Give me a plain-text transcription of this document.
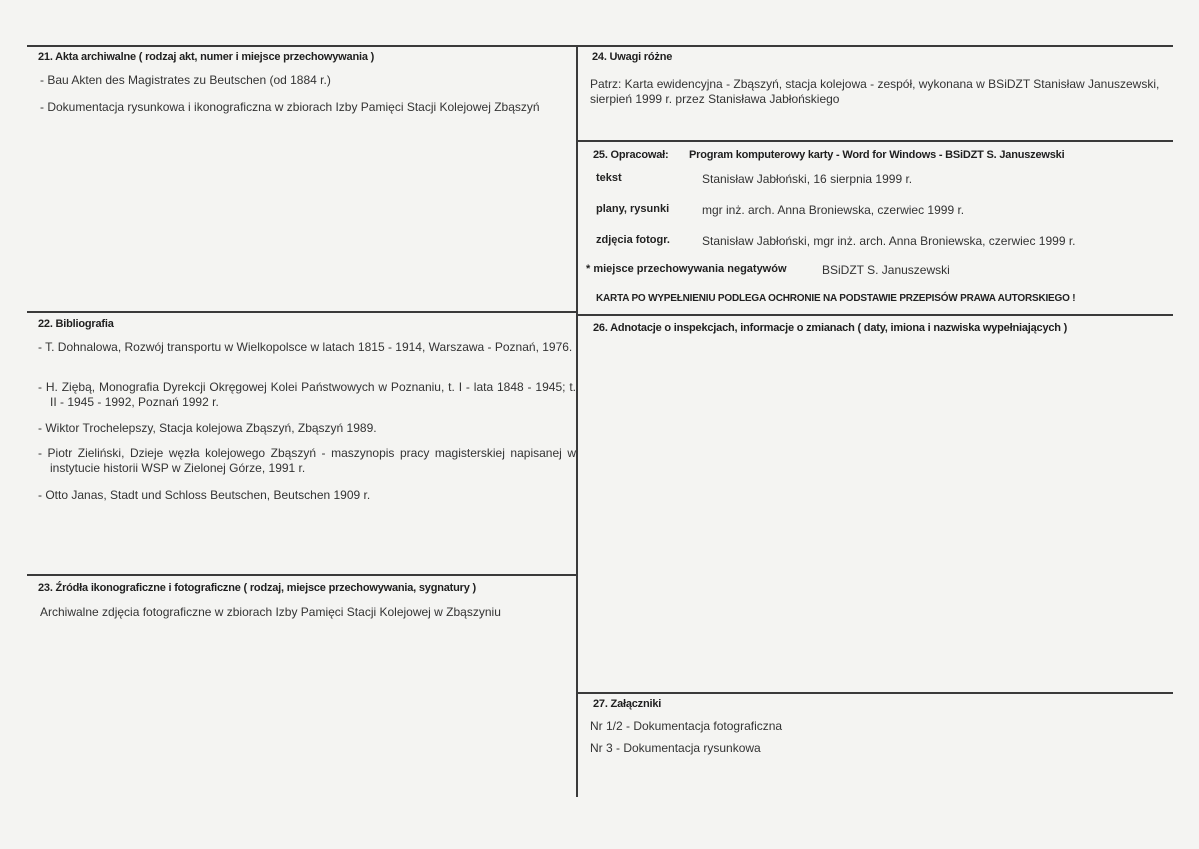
21. Akta archiwalne ( rodzaj akt, numer i miejsce przechowywania )
- Bau Akten des Magistrates zu Beutschen (od 1884 r.)
- Dokumentacja rysunkowa i ikonograficzna w zbiorach Izby Pamięci Stacji Kolejowej Zbąszyń
22. Bibliografia
- T. Dohnalowa, Rozwój transportu w Wielkopolsce w latach 1815 - 1914, Warszawa - Poznań, 1976.
- H. Ziębą, Monografia Dyrekcji Okręgowej Kolei Państwowych w Poznaniu, t. I - lata 1848 - 1945; t. II - 1945 - 1992, Poznań 1992 r.
- Wiktor Trochelepszy, Stacja kolejowa Zbąszyń, Zbąszyń 1989.
- Piotr Zieliński, Dzieje węzła kolejowego Zbąszyń - maszynopis pracy magisterskiej napisanej w instytucie historii WSP w Zielonej Górze, 1991 r.
- Otto Janas, Stadt und Schloss Beutschen, Beutschen 1909 r.
23. Źródła ikonograficzne i fotograficzne ( rodzaj, miejsce przechowywania, sygnatury )
Archiwalne zdjęcia fotograficzne w zbiorach Izby Pamięci Stacji Kolejowej w Zbąszyniu
24. Uwagi różne
Patrz: Karta ewidencyjna - Zbąszyń, stacja kolejowa - zespół, wykonana w BSiDZT Stanisław Januszewski, sierpień 1999 r. przez Stanisława Jabłońskiego
25. Opracował: Program komputerowy karty - Word for Windows - BSiDZT S. Januszewski
tekst	Stanisław Jabłoński, 16 sierpnia 1999 r.
plany, rysunki	mgr inż. arch. Anna Broniewska, czerwiec 1999 r.
zdjęcia fotogr.	Stanisław Jabłoński, mgr inż. arch. Anna Broniewska, czerwiec 1999 r.
* miejsce przechowywania negatywów	BSiDZT S. Januszewski
KARTA PO WYPEŁNIENIU PODLEGA OCHRONIE NA PODSTAWIE PRZEPISÓW PRAWA AUTORSKIEGO !
26. Adnotacje o inspekcjach, informacje o zmianach ( daty, imiona i nazwiska wypełniających )
27. Załączniki
Nr 1/2 - Dokumentacja fotograficzna
Nr 3 - Dokumentacja rysunkowa
